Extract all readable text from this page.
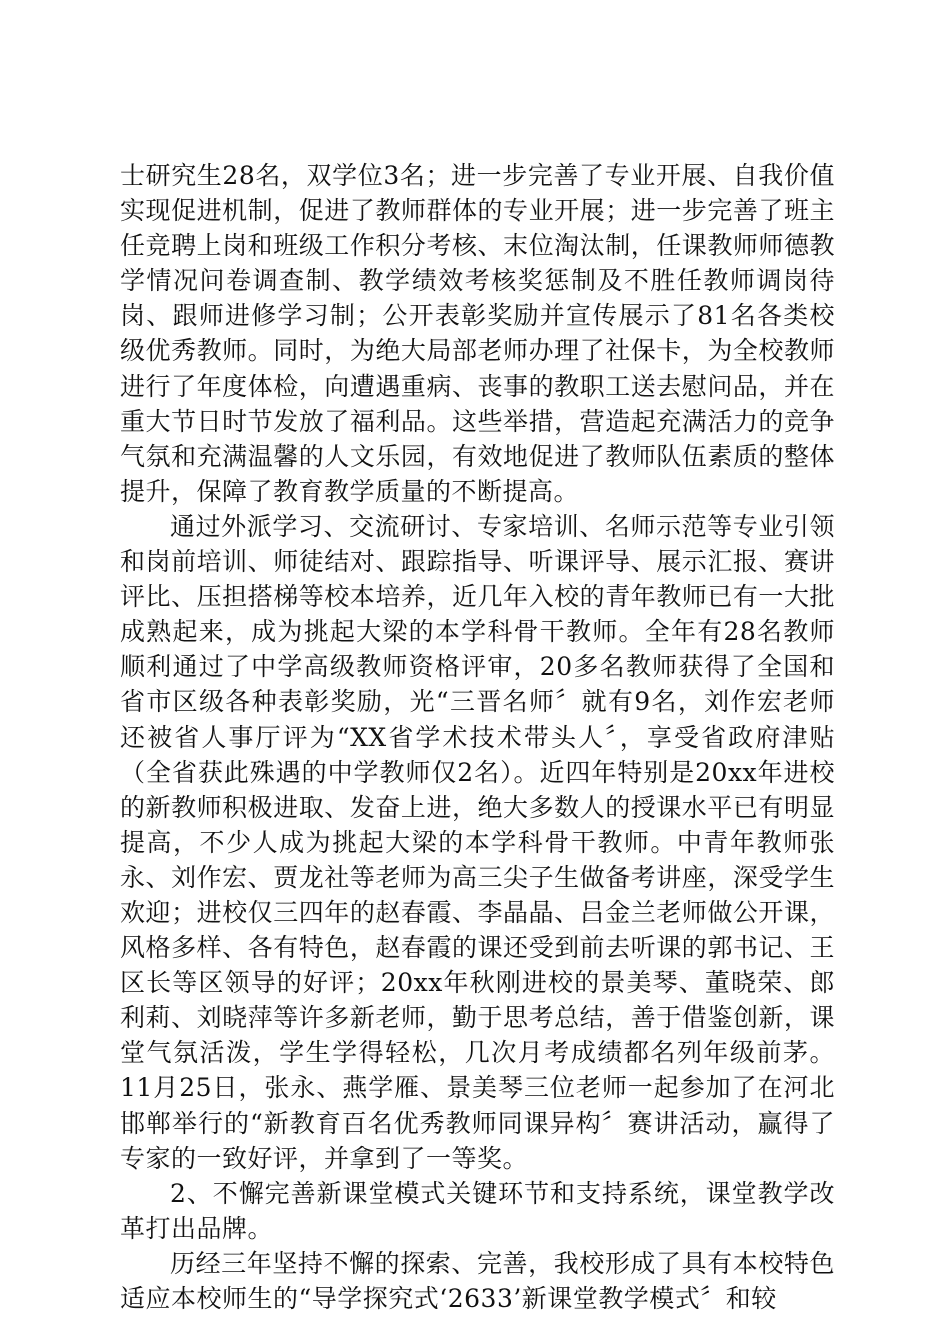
士研究生28名，双学位3名；进一步完善了专业开展、自我价值实现促进机制，促进了教师群体的专业开展；进一步完善了班主任竞聘上岗和班级工作积分考核、末位淘汰制，任课教师师德教学情况问卷调查制、教学绩效考核奖惩制及不胜任教师调岗待岗、跟师进修学习制；公开表彰奖励并宣传展示了81名各类校级优秀教师。同时，为绝大局部老师办理了社保卡，为全校教师进行了年度体检，向遭遇重病、丧事的教职工送去慰问品，并在重大节日时节发放了福利品。这些举措，营造起充满活力的竞争气氛和充满温馨的人文乐园，有效地促进了教师队伍素质的整体提升，保障了教育教学质量的不断提高。

通过外派学习、交流研讨、专家培训、名师示范等专业引领和岗前培训、师徒结对、跟踪指导、听课评导、展示汇报、赛讲评比、压担搭梯等校本培养，近几年入校的青年教师已有一大批成熟起来，成为挑起大梁的本学科骨干教师。全年有28名教师顺利通过了中学高级教师资格评审，20多名教师获得了全国和省市区级各种表彰奖励，光“三晋名师〞就有9名，刘作宏老师还被省人事厅评为“XX省学术技术带头人〞，享受省政府津贴（全省获此殊遇的中学教师仅2名）。近四年特别是20xx年进校的新教师积极进取、发奋上进，绝大多数人的授课水平已有明显提高，不少人成为挑起大梁的本学科骨干教师。中青年教师张永、刘作宏、贾龙社等老师为高三尖子生做备考讲座，深受学生欢迎；进校仅三四年的赵春霞、李晶晶、吕金兰老师做公开课，风格多样、各有特色，赵春霞的课还受到前去听课的郭书记、王区长等区领导的好评；20xx年秋刚进校的景美琴、董晓荣、郎利莉、刘晓萍等许多新老师，勤于思考总结，善于借鉴创新，课堂气氛活泼，学生学得轻松，几次月考成绩都名列年级前茅。11月25日，张永、燕学雁、景美琴三位老师一起参加了在河北邯郸举行的“新教育百名优秀教师同课异构〞赛讲活动，赢得了专家的一致好评，并拿到了一等奖。

2、不懈完善新课堂模式关键环节和支持系统，课堂教学改革打出品牌。

历经三年坚持不懈的探索、完善，我校形成了具有本校特色适应本校师生的“导学探究式‘2633’新课堂教学模式〞和较
